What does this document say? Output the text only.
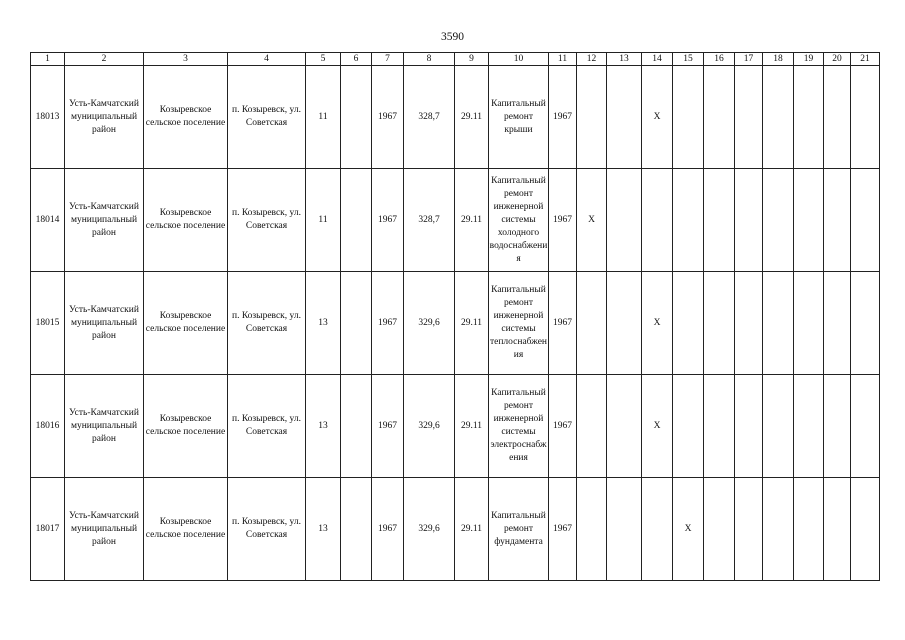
3590
1	2	3	4	5	6	7	8	9	10	11	12	13	14	15	16	17	18	19	20	21
18013	Усть-Камчатский муниципальный район	Козыревское сельское поселение	п. Козыревск, ул. Советская	11		1967	328,7	29.11	Капитальный ремонт крыши	1967			X							
18014	Усть-Камчатский муниципальный район	Козыревское сельское поселение	п. Козыревск, ул. Советская	11		1967	328,7	29.11	Капитальный ремонт инженерной системы холодного водоснабжения	1967	X									
18015	Усть-Камчатский муниципальный район	Козыревское сельское поселение	п. Козыревск, ул. Советская	13		1967	329,6	29.11	Капитальный ремонт инженерной системы теплоснабжения	1967			X							
18016	Усть-Камчатский муниципальный район	Козыревское сельское поселение	п. Козыревск, ул. Советская	13		1967	329,6	29.11	Капитальный ремонт инженерной системы электроснабжения	1967			X							
18017	Усть-Камчатский муниципальный район	Козыревское сельское поселение	п. Козыревск, ул. Советская	13		1967	329,6	29.11	Капитальный ремонт фундамента	1967				X						
